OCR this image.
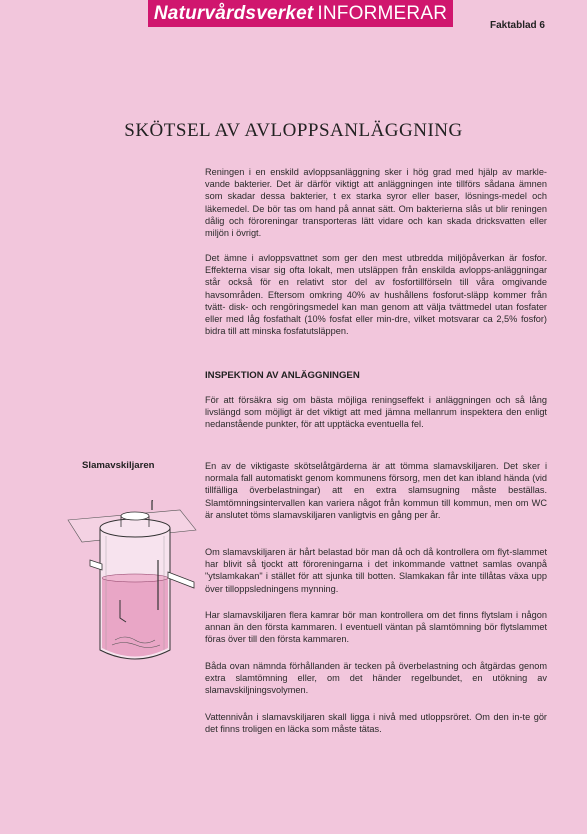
Naturvårdsverket INFORMERAR
Faktablad 6
SKÖTSEL AV AVLOPPSANLÄGGNING

Reningen i en enskild avloppsanläggning sker i hög grad med hjälp av markle-vande bakterier. Det är därför viktigt att anläggningen inte tillförs sådana ämnen som skadar dessa bakterier, t ex starka syror eller baser, lösnings-medel och läkemedel. De bör tas om hand på annat sätt. Om bakterierna slås ut blir reningen dålig och föroreningar transporteras lätt vidare och kan skada dricksvatten eller miljön i övrigt.

Det ämne i avloppsvattnet som ger den mest utbredda miljöpåverkan är fosfor. Effekterna visar sig ofta lokalt, men utsläppen från enskilda avlopps-anläggningar står också för en relativt stor del av fosfortillförseln till våra omgivande havsområden. Eftersom omkring 40% av hushållens fosforut-släpp kommer från tvätt- disk- och rengöringsmedel kan man genom att välja tvättmedel utan fosfater eller med låg fosfathalt (10% fosfat eller min-dre, vilket motsvarar ca 2,5% fosfor) bidra till att minska fosfatutsläppen.

INSPEKTION AV ANLÄGGNINGEN

För att försäkra sig om bästa möjliga reningseffekt i anläggningen och så lång livslängd som möjligt är det viktigt att med jämna mellanrum inspektera den enligt nedanstående punkter, för att upptäcka eventuella fel.

Slamavskiljaren	En av de viktigaste skötselåtgärderna är att tömma slamavskiljaren. Det sker i normala fall automatiskt genom kommunens försorg, men det kan ibland hända (vid tillfälliga överbelastningar) att en extra slamsugning måste beställas. Slamtömningsintervallen kan variera något från kommun till kommun, men om WC är anslutet töms slamavskiljaren vanligtvis en gång per år.

Om slamavskiljaren är hårt belastad bör man då och då kontrollera om flyt-slammet har blivit så tjockt att föroreningarna i det inkommande vattnet samlas ovanpå "ytslamkakan" i stället för att sjunka till botten. Slamkakan får inte tillåtas växa upp över tilloppsledningens mynning.

Har slamavskiljaren flera kamrar bör man kontrollera om det finns flytslam i någon annan än den första kammaren. I eventuell väntan på slamtömning bör flytslammet föras över till den första kammaren.

Båda ovan nämnda förhållanden är tecken på överbelastning och åtgärdas genom extra slamtömning eller, om det händer regelbundet, en utökning av slamavskiljningsvolymen.

Vattennivån i slamavskiljaren skall ligga i nivå med utloppsröret. Om den in-te gör det finns troligen en läcka som måste tätas.
